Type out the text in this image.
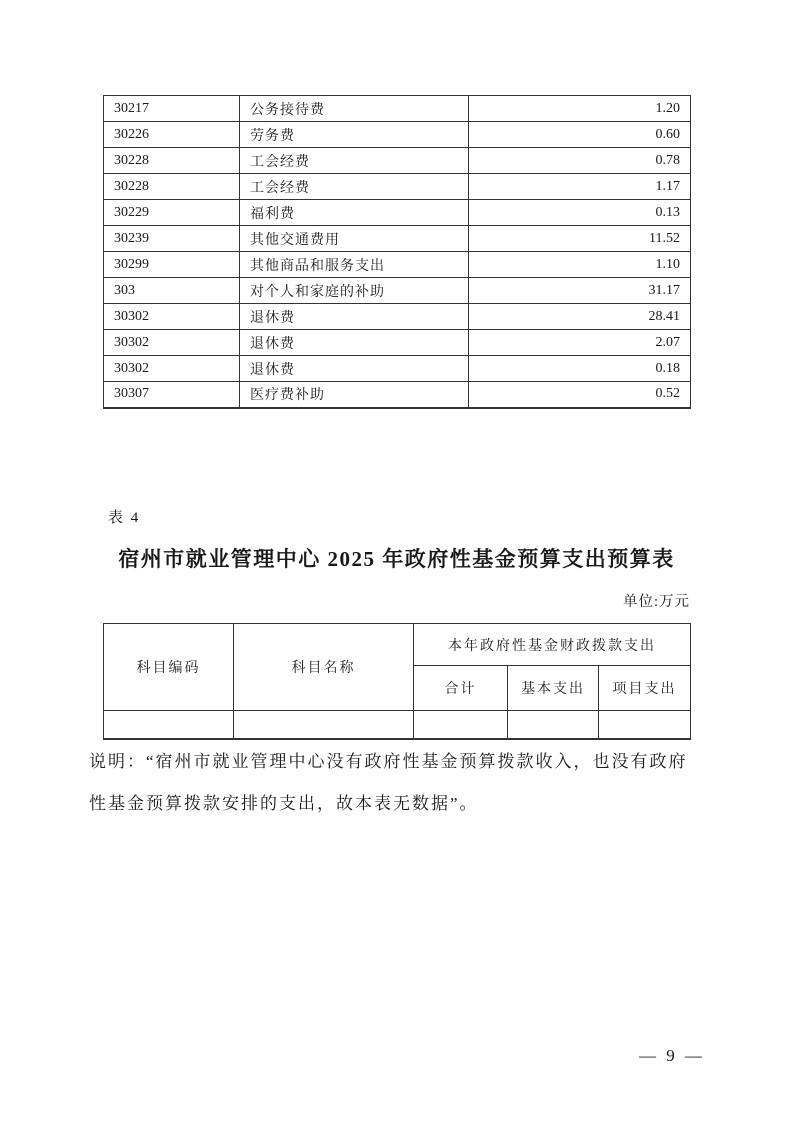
30217	公务接待费	1.20
30226	劳务费	0.60
30228	工会经费	0.78
30228	工会经费	1.17
30229	福利费	0.13
30239	其他交通费用	11.52
30299	其他商品和服务支出	1.10
303	对个人和家庭的补助	31.17
30302	退休费	28.41
30302	退休费	2.07
30302	退休费	0.18
30307	医疗费补助	0.52
表 4
宿州市就业管理中心 2025 年政府性基金预算支出预算表
单位:万元
科目编码	科目名称	本年政府性基金财政拨款支出		
		合计	基本支出	项目支出

说明：“宿州市就业管理中心没有政府性基金预算拨款收入，也没有政府
性基金预算拨款安排的支出，故本表无数据”。
— 9 —
